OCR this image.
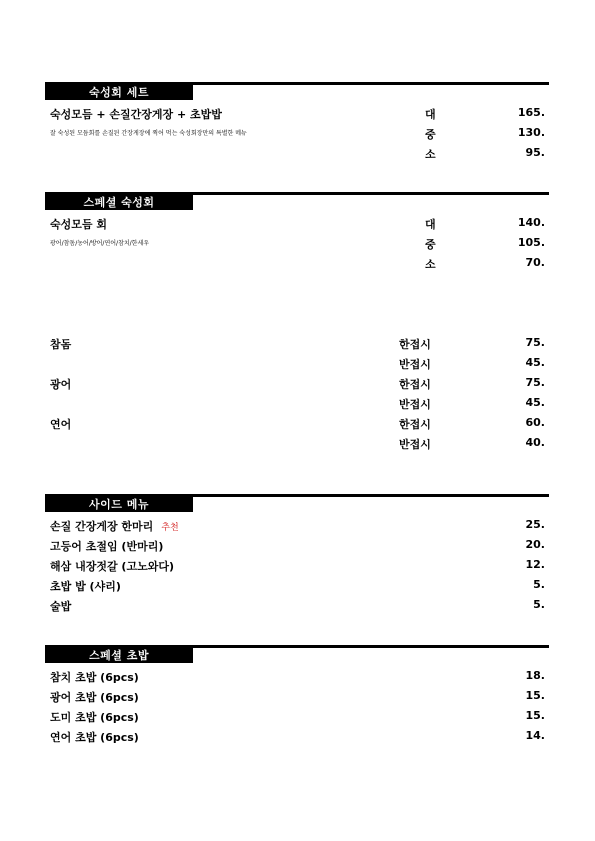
숙성회 세트
숙성모듬 + 손질간장게장 + 초밥밥	대	165.
잘 숙성된 모듬회를 손질된 간장게장에 찍어 먹는 숙성회장만의 특별한 메뉴	중	130.
소	95.
스페셜 숙성회
숙성모듬 회	대	140.
광어/참돔/농어/방어/연어/참치/한세우	중	105.
소	70.
참돔	한접시	75.
반접시	45.
광어	한접시	75.
반접시	45.
연어	한접시	60.
반접시	40.
사이드 메뉴
손질 간장게장 한마리 추천	25.
고등어 초절임 (반마리)	20.
해삼 내장젓갈 (고노와다)	12.
초밥 밥 (샤리)	5.
술밥	5.
스페셜 초밥
참치 초밥 (6pcs)	18.
광어 초밥 (6pcs)	15.
도미 초밥 (6pcs)	15.
연어 초밥 (6pcs)	14.
